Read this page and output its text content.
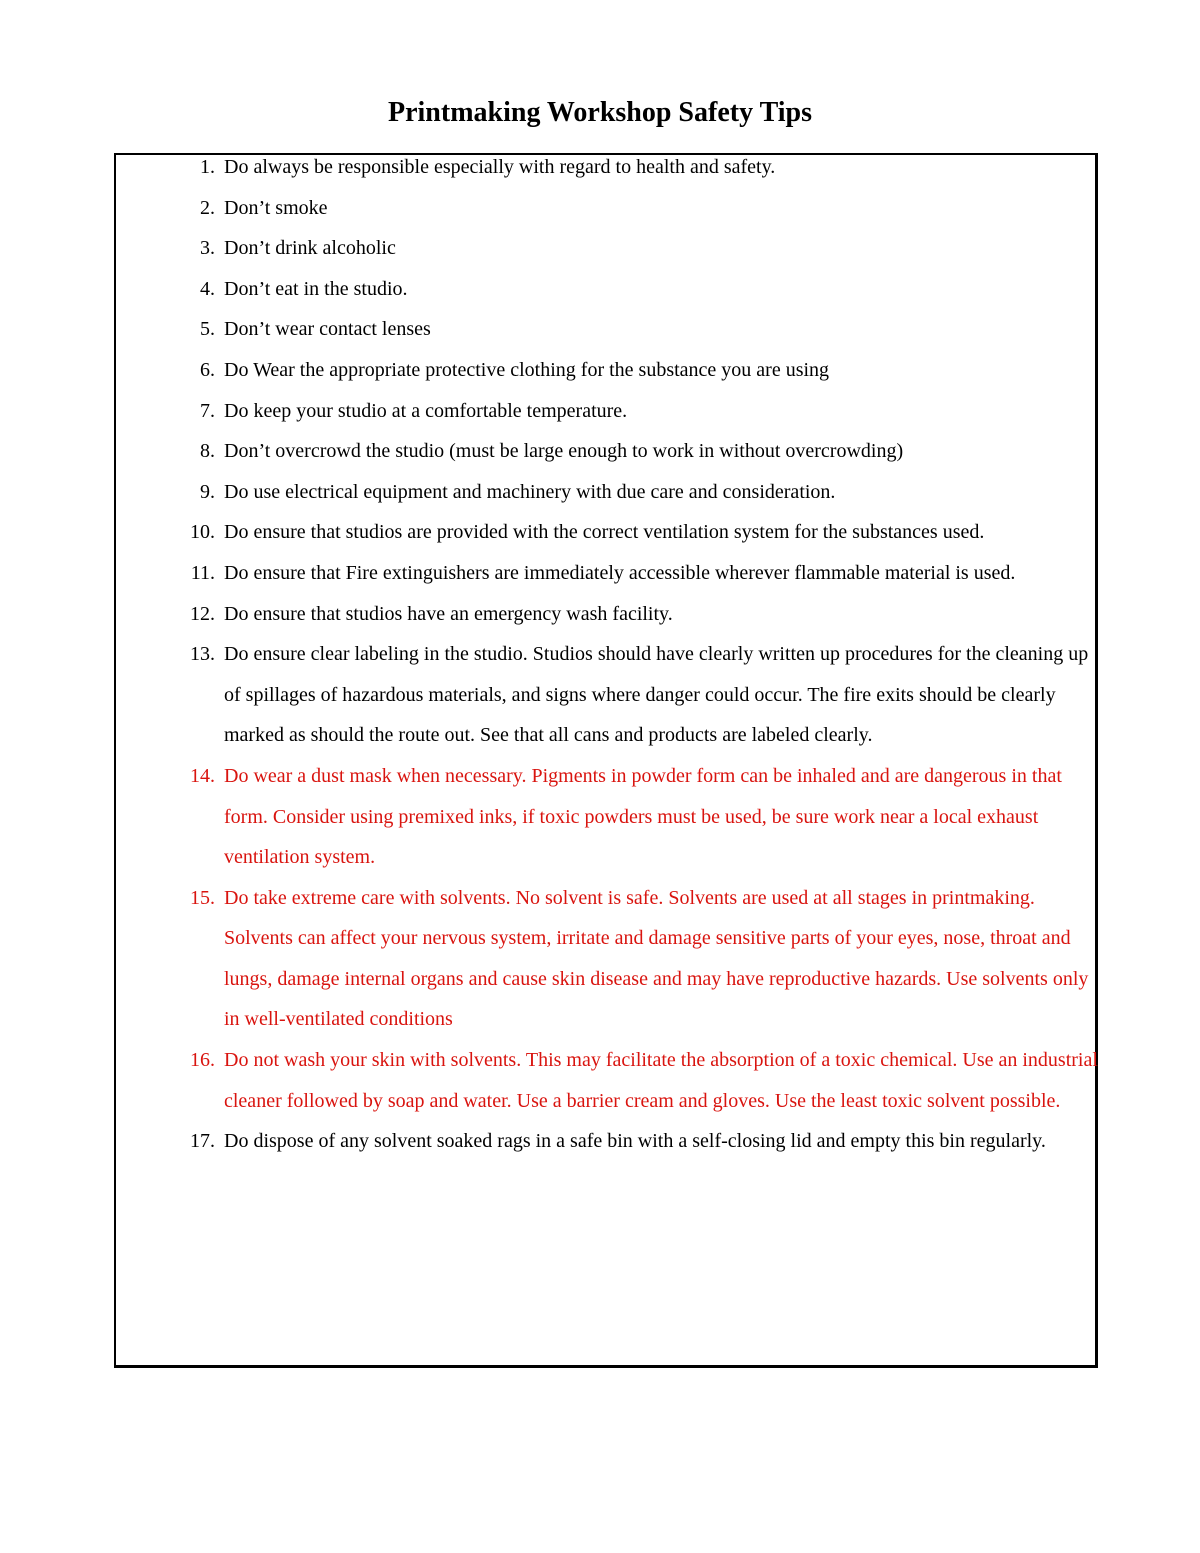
Printmaking Workshop Safety Tips
1. Do always be responsible especially with regard to health and safety.
2. Don’t smoke
3. Don’t drink alcoholic
4. Don’t eat in the studio.
5. Don’t wear contact lenses
6. Do Wear the appropriate protective clothing for the substance you are using
7. Do keep your studio at a comfortable temperature.
8. Don’t overcrowd the studio (must be large enough to work in without overcrowding)
9. Do use electrical equipment and machinery with due care and consideration.
10. Do ensure that studios are provided with the correct ventilation system for the substances used.
11. Do ensure that Fire extinguishers are immediately accessible wherever flammable material is used.
12. Do ensure that studios have an emergency wash facility.
13. Do ensure clear labeling in the studio. Studios should have clearly written up procedures for the cleaning up of spillages of hazardous materials, and signs where danger could occur. The fire exits should be clearly marked as should the route out. See that all cans and products are labeled clearly.
14. Do wear a dust mask when necessary. Pigments in powder form can be inhaled and are dangerous in that form. Consider using premixed inks, if toxic powders must be used, be sure work near a local exhaust ventilation system.
15. Do take extreme care with solvents. No solvent is safe. Solvents are used at all stages in printmaking. Solvents can affect your nervous system, irritate and damage sensitive parts of your eyes, nose, throat and lungs, damage internal organs and cause skin disease and may have reproductive hazards. Use solvents only in well-ventilated conditions
16. Do not wash your skin with solvents. This may facilitate the absorption of a toxic chemical. Use an industrial cleaner followed by soap and water. Use a barrier cream and gloves. Use the least toxic solvent possible.
17. Do dispose of any solvent soaked rags in a safe bin with a self-closing lid and empty this bin regularly.
